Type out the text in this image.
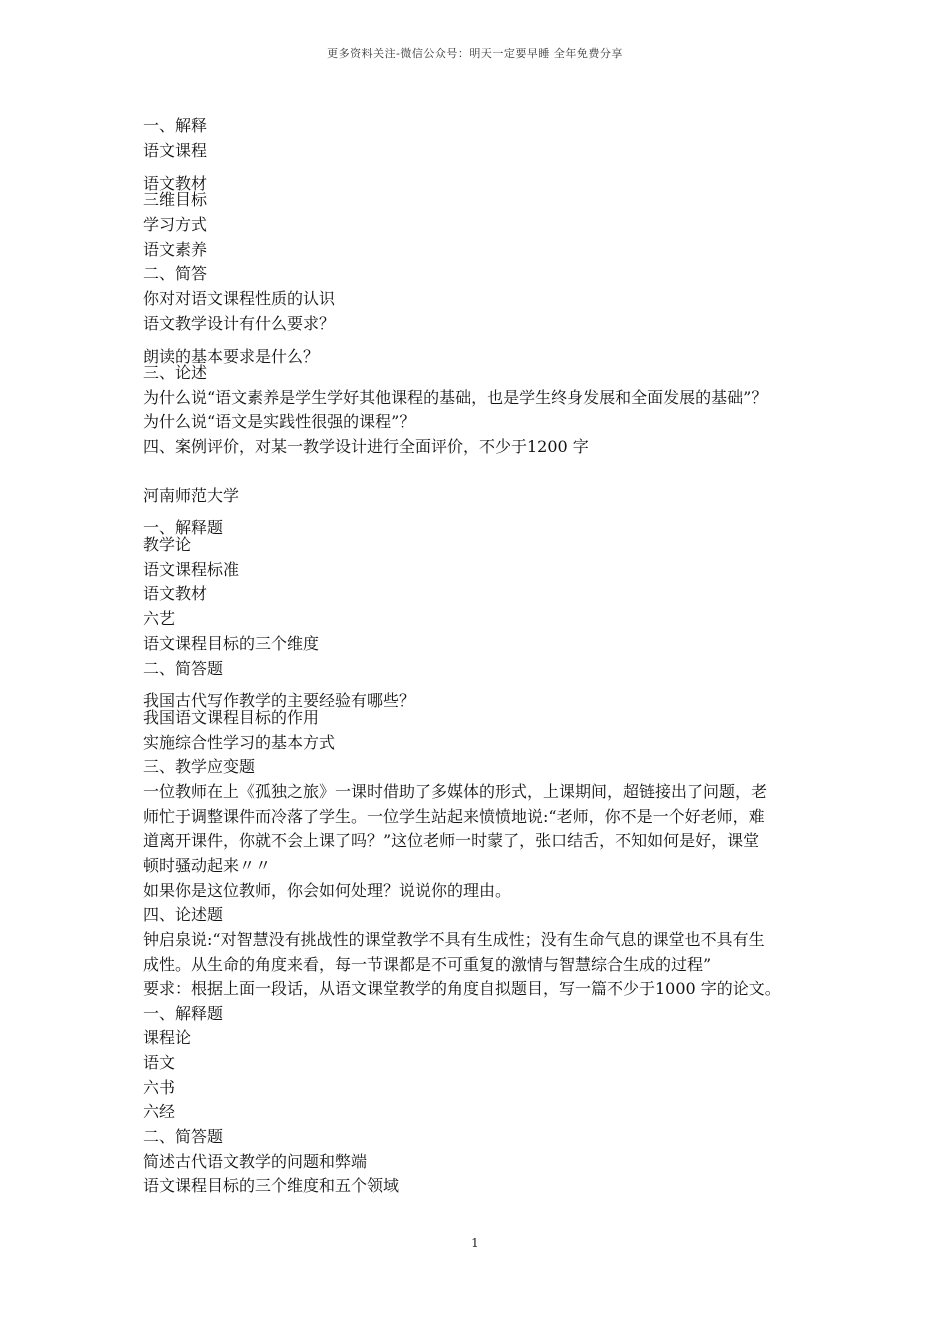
更多资料关注-微信公众号：明天一定要早睡 全年免费分享
一、解释
语文课程
语文教材
三维目标
学习方式
语文素养
二、简答
你对对语文课程性质的认识
语文教学设计有什么要求？
朗读的基本要求是什么？
三、论述
为什么说“语文素养是学生学好其他课程的基础，也是学生终身发展和全面发展的基础”？
为什么说“语文是实践性很强的课程”？
四、案例评价，对某一教学设计进行全面评价，不少于1200 字
河南师范大学
一、解释题
教学论
语文课程标准
语文教材
六艺
语文课程目标的三个维度
二、简答题
我国古代写作教学的主要经验有哪些？
我国语文课程目标的作用
实施综合性学习的基本方式
三、教学应变题
一位教师在上《孤独之旅》一课时借助了多媒体的形式，上课期间，超链接出了问题，老
师忙于调整课件而冷落了学生。一位学生站起来愤愤地说:“老师，你不是一个好老师，难
道离开课件，你就不会上课了吗？”这位老师一时蒙了，张口结舌，不知如何是好，课堂
顿时骚动起来〃〃
如果你是这位教师，你会如何处理？说说你的理由。
四、论述题
钟启泉说:“对智慧没有挑战性的课堂教学不具有生成性；没有生命气息的课堂也不具有生
成性。从生命的角度来看，每一节课都是不可重复的激情与智慧综合生成的过程”
要求：根据上面一段话，从语文课堂教学的角度自拟题目，写一篇不少于1000 字的论文。
一、解释题
课程论
语文
六书
六经
二、简答题
简述古代语文教学的问题和弊端
语文课程目标的三个维度和五个领域
1
